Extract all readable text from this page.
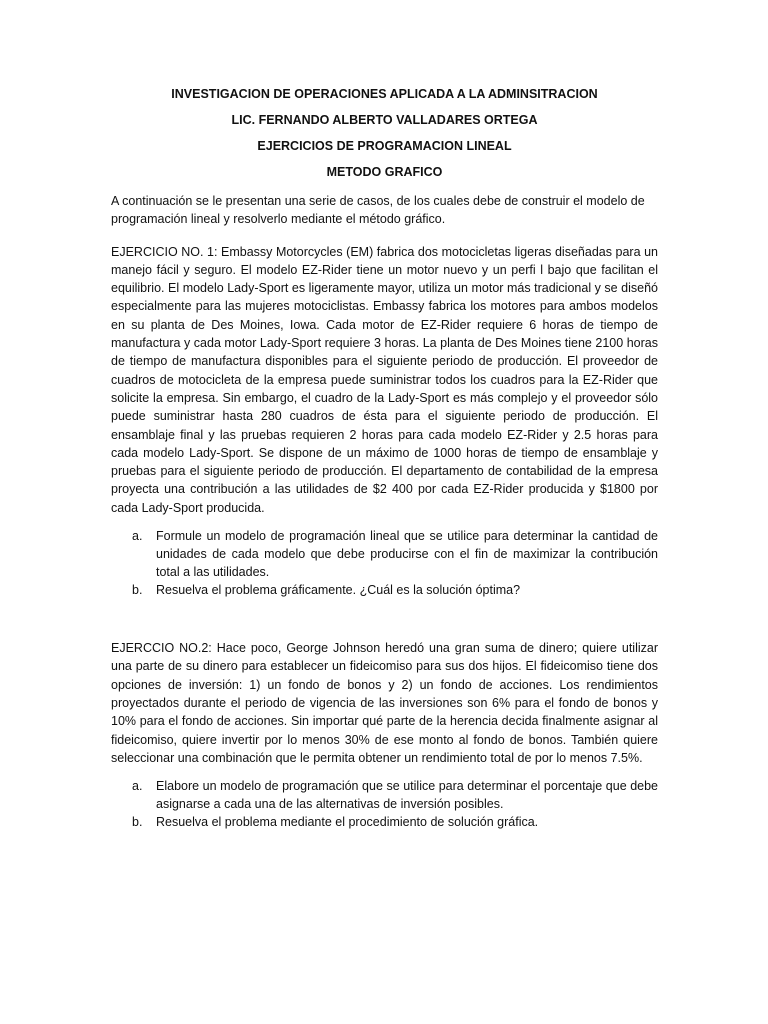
INVESTIGACION DE OPERACIONES APLICADA A LA ADMINSITRACION
LIC. FERNANDO ALBERTO VALLADARES ORTEGA
EJERCICIOS DE PROGRAMACION LINEAL
METODO GRAFICO

A continuación se le presentan una serie de casos, de los cuales debe de construir el modelo de programación lineal y resolverlo mediante el método gráfico.

EJERCICIO NO. 1: Embassy Motorcycles (EM) fabrica dos motocicletas ligeras diseñadas para un manejo fácil y seguro. El modelo EZ-Rider tiene un motor nuevo y un perfi l bajo que facilitan el equilibrio. El modelo Lady-Sport es ligeramente mayor, utiliza un motor más tradicional y se diseñó especialmente para las mujeres motociclistas. Embassy fabrica los motores para ambos modelos en su planta de Des Moines, Iowa. Cada motor de EZ-Rider requiere 6 horas de tiempo de manufactura y cada motor Lady-Sport requiere 3 horas. La planta de Des Moines tiene 2100 horas de tiempo de manufactura disponibles para el siguiente periodo de producción. El proveedor de cuadros de motocicleta de la empresa puede suministrar todos los cuadros para la EZ-Rider que solicite la empresa. Sin embargo, el cuadro de la Lady-Sport es más complejo y el proveedor sólo puede suministrar hasta 280 cuadros de ésta para el siguiente periodo de producción. El ensamblaje final y las pruebas requieren 2 horas para cada modelo EZ-Rider y 2.5 horas para cada modelo Lady-Sport. Se dispone de un máximo de 1000 horas de tiempo de ensamblaje y pruebas para el siguiente periodo de producción. El departamento de contabilidad de la empresa proyecta una contribución a las utilidades de $2 400 por cada EZ-Rider producida y $1800 por cada Lady-Sport producida.

a. Formule un modelo de programación lineal que se utilice para determinar la cantidad de unidades de cada modelo que debe producirse con el fin de maximizar la contribución total a las utilidades.
b. Resuelva el problema gráficamente. ¿Cuál es la solución óptima?

EJERCCIO NO.2: Hace poco, George Johnson heredó una gran suma de dinero; quiere utilizar una parte de su dinero para establecer un fideicomiso para sus dos hijos. El fideicomiso tiene dos opciones de inversión: 1) un fondo de bonos y 2) un fondo de acciones. Los rendimientos proyectados durante el periodo de vigencia de las inversiones son 6% para el fondo de bonos y 10% para el fondo de acciones. Sin importar qué parte de la herencia decida finalmente asignar al fideicomiso, quiere invertir por lo menos 30% de ese monto al fondo de bonos. También quiere seleccionar una combinación que le permita obtener un rendimiento total de por lo menos 7.5%.

a. Elabore un modelo de programación que se utilice para determinar el porcentaje que debe asignarse a cada una de las alternativas de inversión posibles.
b. Resuelva el problema mediante el procedimiento de solución gráfica.
